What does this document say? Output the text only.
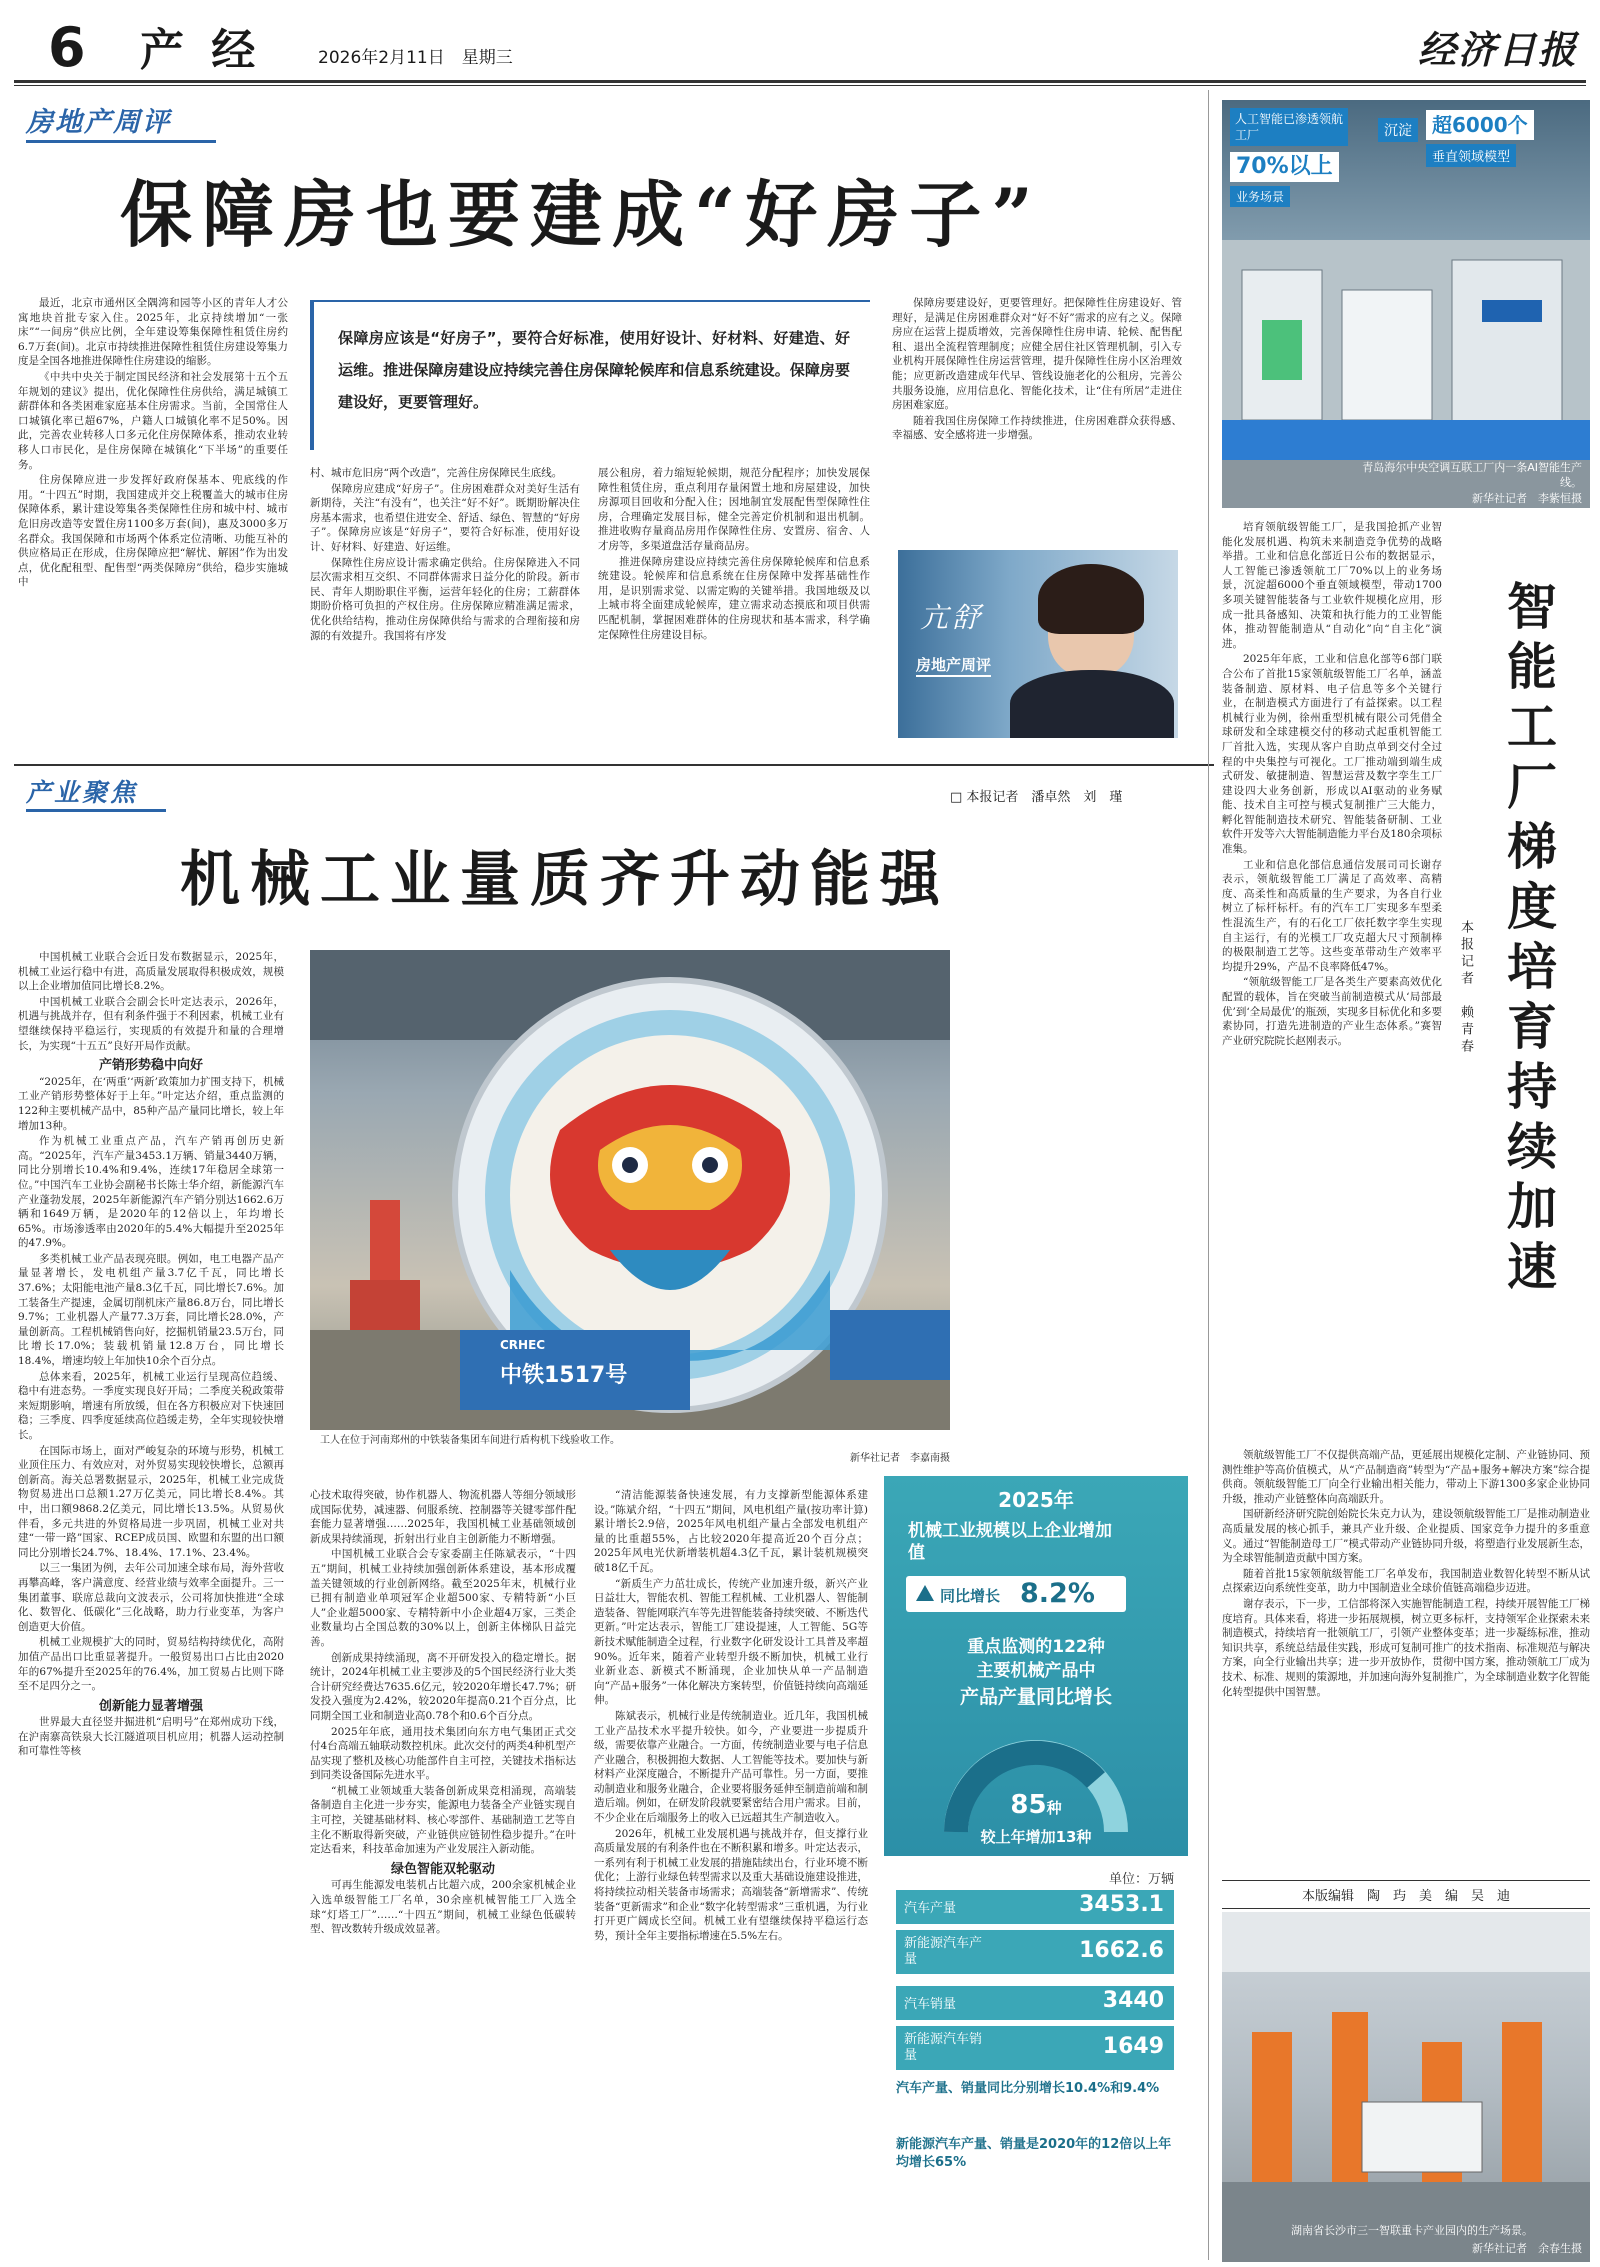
6 产 经	2026年2月11日　星期三	经济日报
房地产周评
保障房也要建成“好房子”

最近，北京市通州区全隅湾和园等小区的青年人才公寓地块首批专家入住。2025年，北京持续增加“一张床”“一间房”供应比例，全年建设筹集保障性租赁住房约6.7万套(间)。北京市持续推进保障性租赁住房建设筹集力度是全国各地推进保障性住房建设的缩影。

《中共中央关于制定国民经济和社会发展第十五个五年规划的建议》提出，优化保障性住房供给，满足城镇工薪群体和各类困难家庭基本住房需求。当前，全国常住人口城镇化率已超67%，户籍人口城镇化率不足50%。因此，完善农业转移人口多元化住房保障体系，推动农业转移人口市民化，是住房保障在城镇化“下半场”的重要任务。

住房保障应进一步发挥好政府保基本、兜底线的作用。“十四五”时期，我国建成并交上税覆盖大的城市住房保障体系，累计建设筹集各类保障性住房和城中村、城市危旧房改造等安置住房1100多万套(间)，惠及3000多万名群众。我国保障和市场两个体系定位清晰、功能互补的供应格局正在形成，住房保障应把“解忧、解困”作为出发点，优化配租型、配售型“两类保障房”供给，稳步实施城中

保障房应该是“好房子”，要符合好标准，使用好设计、好材料、好建造、好运维。推进保障房建设应持续完善住房保障轮候库和信息系统建设。保障房要建设好，更要管理好。

村、城市危旧房“两个改造”，完善住房保障民生底线。

保障房应建成“好房子”。住房困难群众对美好生活有新期待，关注“有没有”，也关注“好不好”。既期盼解决住房基本需求，也希望住进安全、舒适、绿色、智慧的“好房子”。保障房应该是“好房子”，要符合好标准，使用好设计、好材料、好建造、好运维。

保障性住房应设计需求确定供给。住房保障进入不同层次需求相互交织、不同群体需求日益分化的阶段。新市民、青年人期盼职住平衡，运营年轻化的住房；工薪群体期盼价格可负担的产权住房。住房保障应精准满足需求，优化供给结构，推动住房保障供给与需求的合理衔接和房源的有效提升。我国将有序发

展公租房，着力缩短轮候期，规范分配程序；加快发展保障性租赁住房，重点利用存量闲置土地和房屋建设，加快房源项目回收和分配入住；因地制宜发展配售型保障性住房，合理确定发展目标，健全完善定价机制和退出机制。推进收购存量商品房用作保障性住房、安置房、宿舍、人才房等，多渠道盘活存量商品房。

推进保障房建设应持续完善住房保障轮候库和信息系统建设。轮候库和信息系统在住房保障中发挥基础性作用，是识别需求觉、以需定购的关键举措。我国地级及以上城市将全面建成轮候库，建立需求动态摸底和项目供需匹配机制，掌握困难群体的住房现状和基本需求，科学确定保障性住房建设目标。

保障房要建设好，更要管理好。把保障性住房建设好、管理好，是满足住房困难群众对“好不好”需求的应有之义。保障房应在运营上提质增效，完善保障性住房申请、轮候、配售配租、退出全流程管理制度；应健全居住社区管理机制，引入专业机构开展保障性住房运营管理，提升保障性住房小区治理效能；应更新改造建成年代早、管线设施老化的公租房，完善公共服务设施，应用信息化、智能化技术，让“住有所居”走进住房困难家庭。

随着我国住房保障工作持续推进，住房困难群众获得感、幸福感、安全感将进一步增强。

亢舒
房地产周评
产业聚焦	□ 本报记者　潘卓然　刘　瑾
机械工业量质齐升动能强

中国机械工业联合会近日发布数据显示，2025年，机械工业运行稳中有进，高质量发展取得积极成效，规模以上企业增加值同比增长8.2%。

中国机械工业联合会副会长叶定达表示，2026年，机遇与挑战并存，但有利条件强于不利因素，机械工业有望继续保持平稳运行，实现质的有效提升和量的合理增长，为实现“十五五”良好开局作贡献。

产销形势稳中向好

“2025年，在‘两重’‘两新’政策加力扩围支持下，机械工业产销形势整体好于上年。”叶定达介绍，重点监测的122种主要机械产品中，85种产品产量同比增长，较上年增加13种。

作为机械工业重点产品，汽车产销再创历史新高。“2025年，汽车产量3453.1万辆、销量3440万辆，同比分别增长10.4%和9.4%，连续17年稳居全球第一位。”中国汽车工业协会副秘书长陈士华介绍，新能源汽车产业蓬勃发展，2025年新能源汽车产销分别达1662.6万辆和1649万辆，是2020年的12倍以上，年均增长65%。市场渗透率由2020年的5.4%大幅提升至2025年的47.9%。

多类机械工业产品表现亮眼。例如，电工电器产品产量显著增长，发电机组产量3.7亿千瓦，同比增长37.6%；太阳能电池产量8.3亿千瓦，同比增长7.6%。加工装备生产提速，金属切削机床产量86.8万台，同比增长9.7%；工业机器人产量77.3万套，同比增长28.0%，产量创新高。工程机械销售向好，挖掘机销量23.5万台，同比增长17.0%；装载机销量12.8万台，同比增长18.4%，增速均较上年加快10余个百分点。

总体来看，2025年，机械工业运行呈现高位趋缓、稳中有进态势。一季度实现良好开局；二季度关税政策带来短期影响，增速有所放缓，但在各方积极应对下快速回稳；三季度、四季度延续高位趋缓走势，全年实现较快增长。

在国际市场上，面对严峻复杂的环境与形势，机械工业顶住压力、有效应对，对外贸易实现较快增长，总额再创新高。海关总署数据显示，2025年，机械工业完成货物贸易进出口总额1.27万亿美元，同比增长8.4%。其中，出口额9868.2亿美元，同比增长13.5%。从贸易伙伴看，多元共进的外贸格局进一步巩固，机械工业对共建“一带一路”国家、RCEP成员国、欧盟和东盟的出口额同比分别增长24.7%、18.4%、17.1%、23.4%。

以三一集团为例，去年公司加速全球布局，海外营收再攀高峰，客户满意度、经营业绩与效率全面提升。三一集团董事、联席总裁向文波表示，公司将加快推进“全球化、数智化、低碳化”三化战略，助力行业变革，为客户创造更大价值。

机械工业规模扩大的同时，贸易结构持续优化，高附加值产品出口比重显著提升。一般贸易出口占比由2020年的67%提升至2025年的76.4%，加工贸易占比则下降至不足四分之一。

创新能力显著增强

世界最大直径竖井掘进机“启明号”在郑州成功下线，在沪南寨高铁泉大长江隧道项目机应用；机器人运动控制和可靠性等核

CRHEC
中铁1517号
工人在位于河南郑州的中铁装备集团车间进行盾构机下线验收工作。
新华社记者　李嘉南摄

心技术取得突破，协作机器人、物流机器人等细分领域形成国际优势，减速器、伺服系统、控制器等关键零部件配套能力显著增强……2025年，我国机械工业基础领域创新成果持续涌现，折射出行业自主创新能力不断增强。

中国机械工业联合会专家委副主任陈斌表示，“十四五”期间，机械工业持续加强创新体系建设，基本形成覆盖关键领域的行业创新网络。截至2025年末，机械行业已拥有制造业单项冠军企业超500家、专精特新“小巨人”企业超5000家、专精特新中小企业超4万家，三类企业数量均占全国总数的30%以上，创新主体梯队日益完善。

创新成果持续涌现，离不开研发投入的稳定增长。据统计，2024年机械工业主要涉及的5个国民经济行业大类合计研究经费达7635.6亿元，较2020年增长47.7%；研发投入强度为2.42%，较2020年提高0.21个百分点，比同期全国工业和制造业高0.78个和0.6个百分点。

2025年年底，通用技术集团向东方电气集团正式交付4台高端五轴联动数控机床。此次交付的两类4种机型产品实现了整机及核心功能部件自主可控，关键技术指标达到同类设备国际先进水平。

“机械工业领域重大装备创新成果竞相涌现，高端装备制造自主化进一步夯实，能源电力装备全产业链实现自主可控，关键基础材料、核心零部件、基础制造工艺等自主化不断取得新突破，产业链供应链韧性稳步提升。”在叶定达看来，科技革命加速为产业发展注入新动能。

绿色智能双轮驱动

可再生能源发电装机占比超六成，200余家机械企业入选单级智能工厂名单，30余座机械智能工厂入选全球“灯塔工厂”……“十四五”期间，机械工业绿色低碳转型、智改数转升级成效显著。

“清洁能源装备快速发展，有力支撑新型能源体系建设。”陈斌介绍，“十四五”期间，风电机组产量(按功率计算)累计增长2.9倍，2025年风电机组产量占全部发电机组产量的比重超55%，占比较2020年提高近20个百分点；2025年风电光伏新增装机超4.3亿千瓦，累计装机规模突破18亿千瓦。

“新质生产力茁壮成长，传统产业加速升级，新兴产业日益壮大，智能农机、智能工程机械、工业机器人、智能制造装备、智能网联汽车等先进智能装备持续突破、不断迭代更新。”叶定达表示，智能工厂建设提速，人工智能、5G等新技术赋能制造全过程，行业数字化研发设计工具普及率超90%。近年来，随着产业转型升级不断加快，机械工业行业新业态、新模式不断涌现，企业加快从单一产品制造向“产品+服务”一体化解决方案转型，价值链持续向高端延伸。

陈斌表示，机械行业是传统制造业。近几年，我国机械工业产品技术水平提升较快。如今，产业要进一步提质升级，需要依靠产业融合。一方面，传统制造业要与电子信息产业融合，积极拥抱大数据、人工智能等技术。要加快与新材料产业深度融合，不断提升产品可靠性。另一方面，要推动制造业和服务业融合，企业要将服务延伸至制造前端和制造后端。例如，在研发阶段就要紧密结合用户需求。目前，不少企业在后端服务上的收入已远超其生产制造收入。

2026年，机械工业发展机遇与挑战并存，但支撑行业高质量发展的有利条件也在不断积累和增多。叶定达表示，一系列有利于机械工业发展的措施陆续出台，行业环境不断优化；上游行业绿色转型需求以及重大基础设施建设推进，将持续拉动相关装备市场需求；高端装备“新增需求”、传统装备“更新需求”和企业“数字化转型需求”三重机遇，为行业打开更广阔成长空间。机械工业有望继续保持平稳运行态势，预计全年主要指标增速在5.5%左右。

2025年
机械工业规模以上企业增加值
同比增长 8.2%
重点监测的122种
主要机械产品中
产品产量同比增长
85种
较上年增加13种
单位：万辆
汽车产量	3453.1
新能源汽车产量	1662.6
汽车销量	3440
新能源汽车销量	1649
汽车产量、销量同比分别增长10.4%和9.4%
新能源汽车产量、销量是2020年的12倍以上年均增长65%
人工智能已渗透领航工厂
70%以上
业务场景
沉淀	超6000个
垂直领域模型
青岛海尔中央空调互联工厂内一条AI智能生产线。
新华社记者　李紫恒摄

培育领航级智能工厂，是我国抢抓产业智能化发展机遇、构筑未来制造竞争优势的战略举措。工业和信息化部近日公布的数据显示，人工智能已渗透领航工厂70%以上的业务场景，沉淀超6000个垂直领域模型，带动1700多项关键智能装备与工业软件规模化应用，形成一批具备感知、决策和执行能力的工业智能体，推动智能制造从“自动化”向“自主化”演进。

2025年年底，工业和信息化部等6部门联合公布了首批15家领航级智能工厂名单，涵盖装备制造、原材料、电子信息等多个关键行业，在制造模式方面进行了有益探索。以工程机械行业为例，徐州重型机械有限公司凭借全球研发和全球建模交付的移动式起重机智能工厂首批入选，实现从客户自助点单到交付全过程的中央集控与可视化。工厂推动端到端生成式研发、敏捷制造、智慧运营及数字孪生工厂建设四大业务创新，形成以AI驱动的业务赋能、技术自主可控与模式复制推广三大能力，孵化智能制造技术研究、智能装备研制、工业软件开发等六大智能制造能力平台及180余项标准集。

工业和信息化部信息通信发展司司长谢存表示，领航级智能工厂满足了高效率、高精度、高柔性和高质量的生产要求，为各自行业树立了标杆标杆。有的汽车工厂实现多车型柔性混流生产，有的石化工厂依托数字孪生实现自主运行，有的光模工厂攻克超大尺寸预制棒的极限制造工艺等。这些变革带动生产效率平均提升29%，产品不良率降低47%。

“领航级智能工厂是各类生产要素高效优化配置的载体，旨在突破当前制造模式从‘局部最优’到‘全局最优’的瓶颈，实现多目标优化和多要素协同，打造先进制造的产业生态体系。”赛智产业研究院院长赵刚表示。	智能工厂梯度培育持续加速
本报记者　赖青春

领航级智能工厂不仅提供高端产品，更延展出规模化定制、产业链协同、预测性维护等高价值模式，从“产品制造商”转型为“产品+服务+解决方案”综合提供商。领航级智能工厂向全行业输出相关能力，带动上下游1300多家企业协同升级，推动产业链整体向高端跃升。

国研新经济研究院创始院长朱克力认为，建设领航级智能工厂是推动制造业高质量发展的核心抓手，兼具产业升级、企业提质、国家竞争力提升的多重意义。通过“智能制造母工厂”模式带动产业链协同升级，将塑造行业发展新生态，为全球智能制造贡献中国方案。

随着首批15家领航级智能工厂名单发布，我国制造业数智化转型不断从试点探索迈向系统性变革，助力中国制造业全球价值链高端稳步迈进。

谢存表示，下一步，工信部将深入实施智能制造工程，持续开展智能工厂梯度培育。具体来看，将进一步拓展规模，树立更多标杆，支持领军企业探索未来制造模式，持续培育一批领航工厂，引领产业整体变革；进一步凝练标准，推动知识共享，系统总结最佳实践，形成可复制可推广的技术指南、标准规范与解决方案，向全行业输出共享；进一步开放协作，贯彻中国方案，推动领航工厂成为技术、标准、规则的策源地，并加速向海外复制推广，为全球制造业数字化智能化转型提供中国智慧。

本版编辑　陶　玙　美　编　吴　迪
湖南省长沙市三一智联重卡产业园内的生产场景。
新华社记者　余春生摄
